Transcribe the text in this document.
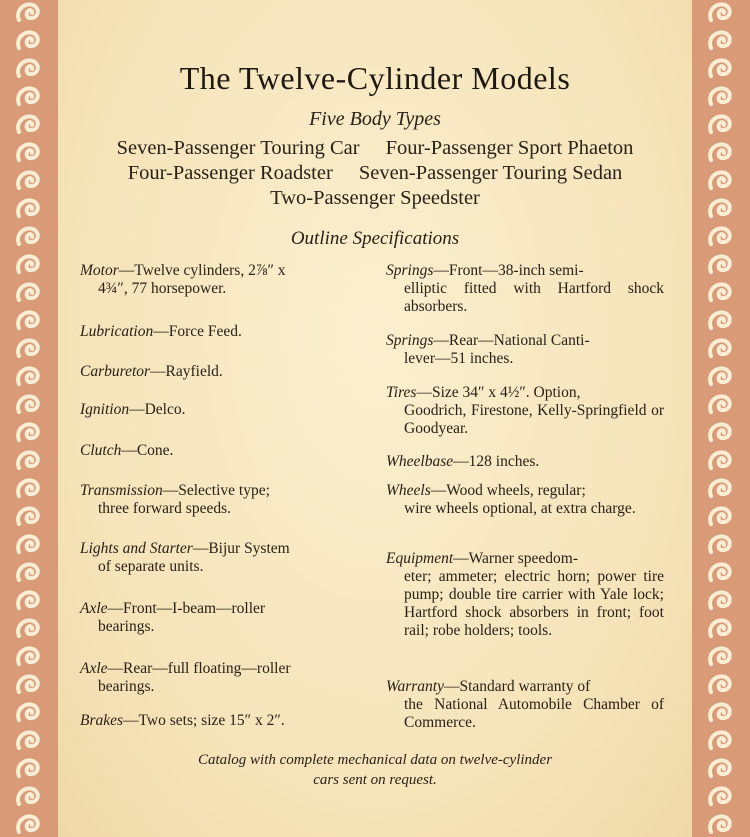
The Twelve-Cylinder Models
Five Body Types
Seven-Passenger Touring Car Four-Passenger Sport Phaeton
Four-Passenger Roadster Seven-Passenger Touring Sedan
Two-Passenger Speedster
Outline Specifications
Motor—Twelve cylinders, 2⅞″ x
4¾″, 77 horsepower.
Lubrication—Force Feed.
Carburetor—Rayfield.
Ignition—Delco.
Clutch—Cone.
Transmission—Selective type;
three forward speeds.
Lights and Starter—Bijur System
of separate units.
Axle—Front—I-beam—roller
bearings.
Axle—Rear—full floating—roller
bearings.
Brakes—Two sets; size 15″ x 2″.
Springs—Front—38-inch semi-
elliptic fitted with Hartford shock absorbers.
Springs—Rear—National Canti-
lever—51 inches.
Tires—Size 34″ x 4½″. Option,
Goodrich, Firestone, Kelly-Springfield or Goodyear.
Wheelbase—128 inches.
Wheels—Wood wheels, regular;
wire wheels optional, at extra charge.
Equipment—Warner speedom-
eter; ammeter; electric horn; power tire pump; double tire carrier with Yale lock; Hartford shock absorbers in front; foot rail; robe holders; tools.
Warranty—Standard warranty of
the National Automobile Chamber of Commerce.
Catalog with complete mechanical data on twelve-cylinder
cars sent on request.
